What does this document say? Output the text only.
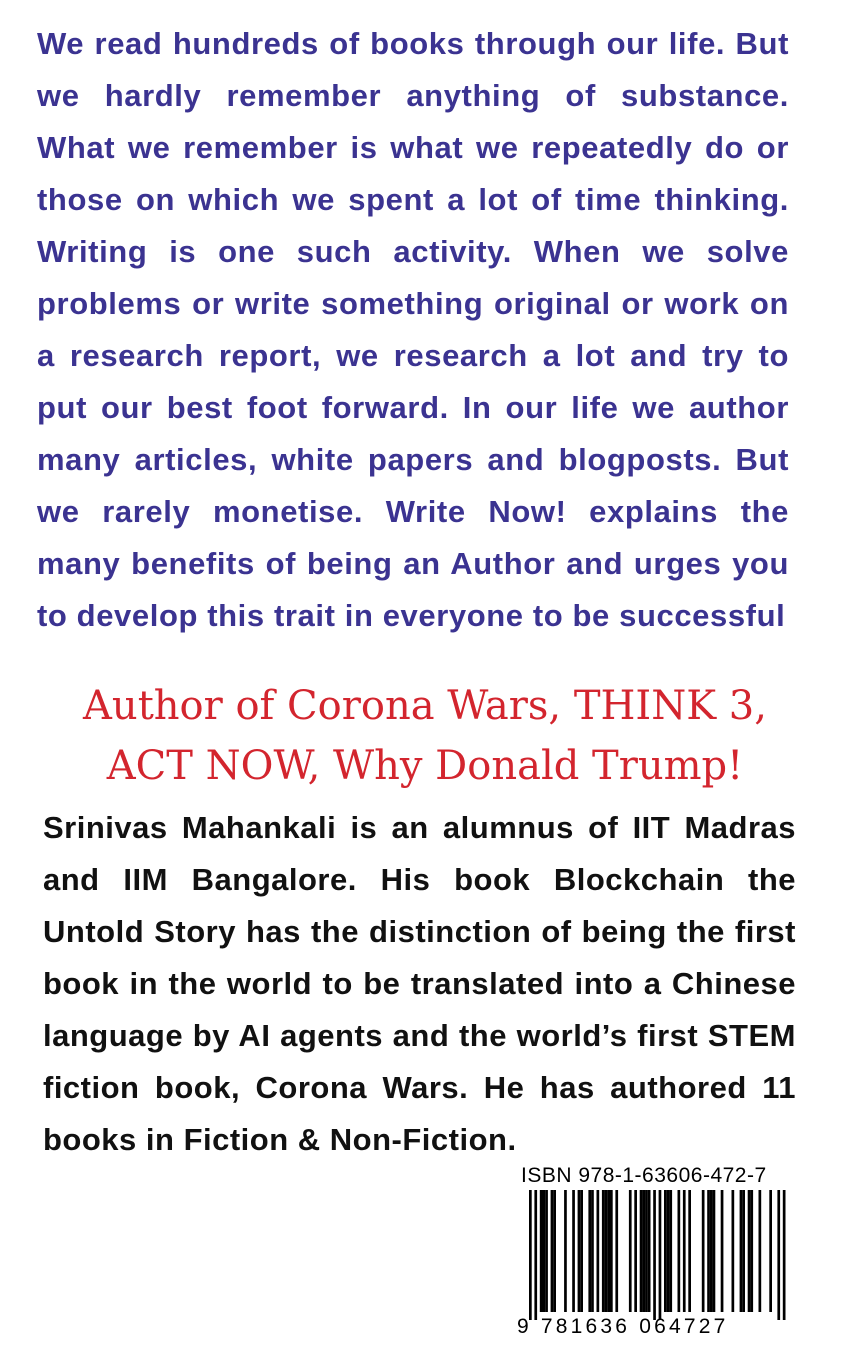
We read hundreds of books through our life. But we hardly remember anything of substance. What we remember is what we repeatedly do or those on which we spent a lot of time thinking. Writing is one such activity. When we solve problems or write something original or work on a research report, we research a lot and try to put our best foot forward. In our life we author many articles, white papers and blogposts. But we rarely monetise. Write Now! explains the many benefits of being an Author and urges you to develop this trait in everyone to be successful

Author of Corona Wars, THINK 3,
ACT NOW, Why Donald Trump!

Srinivas Mahankali is an alumnus of IIT Madras and IIM Bangalore. His book Blockchain the Untold Story has the distinction of being the first book in the world to be translated into a Chinese language by AI agents and the world’s first STEM fiction book, Corona Wars. He has authored 11 books in Fiction & Non-Fiction.

ISBN 978-1-63606-472-7
9 781636 064727
